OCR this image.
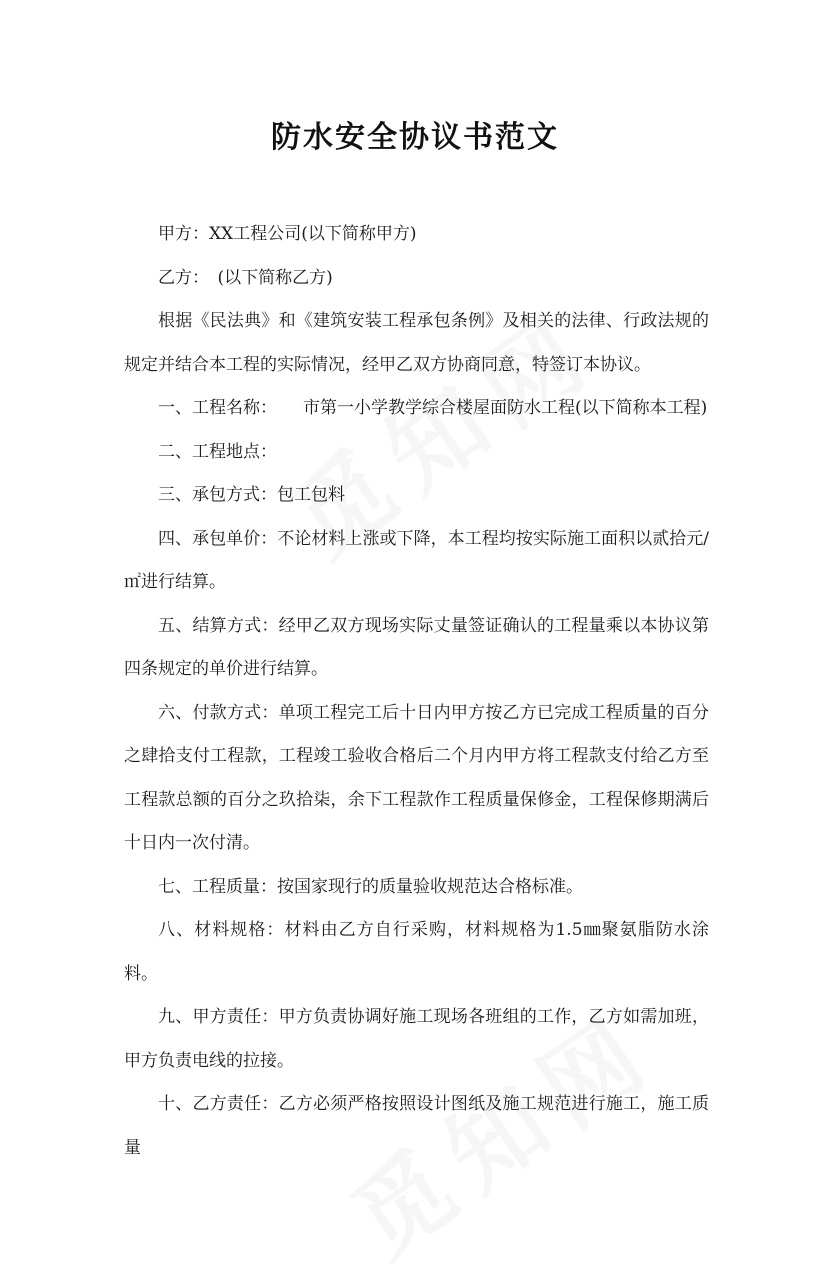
防水安全协议书范文

甲方：XX工程公司(以下简称甲方)

乙方：　(以下简称乙方)

根据《民法典》和《建筑安装工程承包条例》及相关的法律、行政法规的规定并结合本工程的实际情况，经甲乙双方协商同意，特签订本协议。

一、工程名称： 市第一小学教学综合楼屋面防水工程(以下简称本工程)

二、工程地点：

三、承包方式：包工包料

四、承包单价：不论材料上涨或下降，本工程均按实际施工面积以贰拾元/㎡进行结算。

五、结算方式：经甲乙双方现场实际丈量签证确认的工程量乘以本协议第四条规定的单价进行结算。

六、付款方式：单项工程完工后十日内甲方按乙方已完成工程质量的百分之肆拾支付工程款，工程竣工验收合格后二个月内甲方将工程款支付给乙方至工程款总额的百分之玖拾柒，余下工程款作工程质量保修金，工程保修期满后十日内一次付清。

七、工程质量：按国家现行的质量验收规范达合格标准。

八、材料规格：材料由乙方自行采购，材料规格为1.5㎜聚氨脂防水涂料。

九、甲方责任：甲方负责协调好施工现场各班组的工作，乙方如需加班，甲方负责电线的拉接。

十、乙方责任：乙方必须严格按照设计图纸及施工规范进行施工，施工质量
